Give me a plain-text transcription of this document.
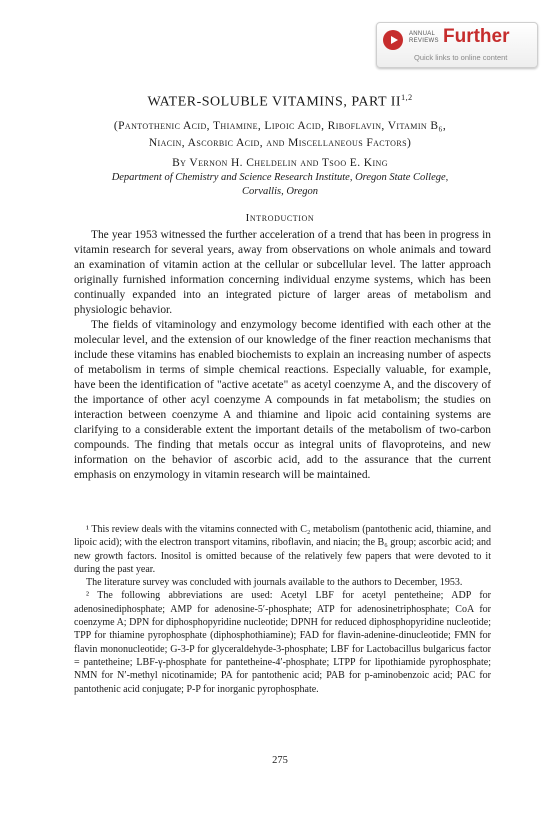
ANNUAL
REVIEWS Further
Quick links to online content
WATER-SOLUBLE VITAMINS, PART II$^{1,2}$
(Pantothenic Acid, Thiamine, Lipoic Acid, Riboflavin, Vitamin B₆,
Niacin, Ascorbic Acid, and Miscellaneous Factors)
By Vernon H. Cheldelin and Tsoo E. King
Department of Chemistry and Science Research Institute, Oregon State College,
Corvallis, Oregon
Introduction

The year 1953 witnessed the further acceleration of a trend that has been in progress in vitamin research for several years, away from observations on whole animals and toward an examination of vitamin action at the cellular or subcellular level. The latter approach originally furnished information concerning individual enzyme systems, which has been continually expanded into an integrated picture of larger areas of metabolism and physiologic behavior.

The fields of vitaminology and enzymology become identified with each other at the molecular level, and the extension of our knowledge of the finer reaction mechanisms that include these vitamins has enabled biochemists to explain an increasing number of aspects of metabolism in terms of simple chemical reactions. Especially valuable, for example, have been the identification of "active acetate" as acetyl coenzyme A, and the discovery of the importance of other acyl coenzyme A compounds in fat metabolism; the studies on interaction between coenzyme A and thiamine and lipoic acid containing systems are clarifying to a considerable extent the important details of the metabolism of two-carbon compounds. The finding that metals occur as integral units of flavoproteins, and new information on the behavior of ascorbic acid, add to the assurance that the current emphasis on enzymology in vitamin research will be maintained.

¹ This review deals with the vitamins connected with C₂ metabolism (pantothenic acid, thiamine, and lipoic acid); with the electron transport vitamins, riboflavin, and niacin; the B₆ group; ascorbic acid; and new growth factors. Inositol is omitted because of the relatively few papers that were devoted to it during the past year.

The literature survey was concluded with journals available to the authors to December, 1953.

² The following abbreviations are used: Acetyl LBF for acetyl pentetheine; ADP for adenosinediphosphate; AMP for adenosine-5′-phosphate; ATP for adenosinetriphosphate; CoA for coenzyme A; DPN for diphosphopyridine nucleotide; DPNH for reduced diphosphopyridine nucleotide; TPP for thiamine pyrophosphate (diphosphothiamine); FAD for flavin-adenine-dinucleotide; FMN for flavin mononucleotide; G-3-P for glyceraldehyde-3-phosphate; LBF for Lactobacillus bulgaricus factor = pantetheine; LBF-γ-phosphate for pantetheine-4′-phosphate; LTPP for lipothiamide pyrophosphate; NMN for N′-methyl nicotinamide; PA for pantothenic acid; PAB for p-aminobenzoic acid; PAC for pantothenic acid conjugate; P-P for inorganic pyrophosphate.

275
